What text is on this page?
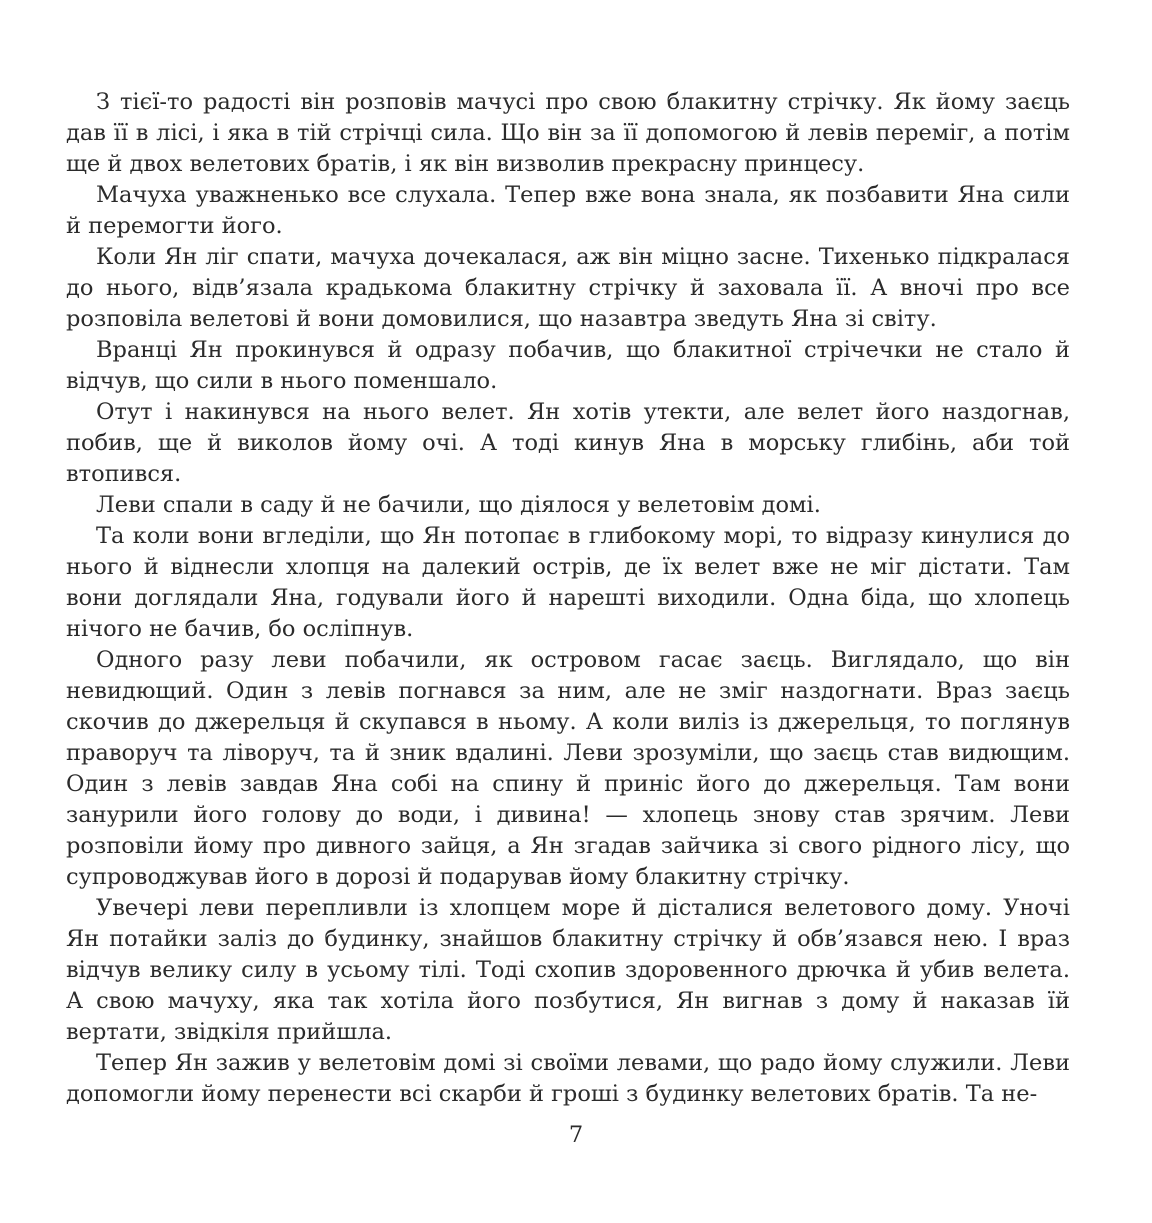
З тієї-то радості він розповів мачусі про свою блакитну стрічку. Як йому заєць дав її в лісі, і яка в тій стрічці сила. Що він за її допомогою й левів переміг, а потім ще й двох велетових братів, і як він визволив прекрасну принцесу.

Мачуха уважненько все слухала. Тепер вже вона знала, як позбавити Яна сили й перемогти його.

Коли Ян ліг спати, мачуха дочекалася, аж він міцно засне. Тихенько підкралася до нього, відв’язала крадькома блакитну стрічку й заховала її. А вночі про все розповіла велетові й вони домовилися, що назавтра зведуть Яна зі світу.

Вранці Ян прокинувся й одразу побачив, що блакитної стрічечки не стало й відчув, що сили в нього поменшало.

Отут і накинувся на нього велет. Ян хотів утекти, але велет його наздогнав, побив, ще й виколов йому очі. А тоді кинув Яна в морську глибінь, аби той втопився.

Леви спали в саду й не бачили, що діялося у велетовім домі.

Та коли вони вгледіли, що Ян потопає в глибокому морі, то відразу кинулися до нього й віднесли хлопця на далекий острів, де їх велет вже не міг дістати. Там вони доглядали Яна, годували його й нарешті виходили. Одна біда, що хлопець нічого не бачив, бо осліпнув.

Одного разу леви побачили, як островом гасає заєць. Виглядало, що він невидющий. Один з левів погнався за ним, але не зміг наздогнати. Враз заєць скочив до джерельця й скупався в ньому. А коли виліз із джерельця, то поглянув праворуч та ліворуч, та й зник вдалині. Леви зрозуміли, що заєць став видющим. Один з левів завдав Яна собі на спину й приніс його до джерельця. Там вони занурили його голову до води, і дивина! — хлопець знову став зрячим. Леви розповіли йому про дивного зайця, а Ян згадав зайчика зі свого рідного лісу, що супроводжував його в дорозі й подарував йому блакитну стрічку.

Увечері леви перепливли із хлопцем море й дісталися велетового дому. Уночі Ян потайки заліз до будинку, знайшов блакитну стрічку й обв’язався нею. І враз відчув велику силу в усьому тілі. Тоді схопив здоровенного дрючка й убив велета. А свою мачуху, яка так хотіла його позбутися, Ян вигнав з дому й наказав їй вертати, звідкіля прийшла.

Тепер Ян зажив у велетовім домі зі своїми левами, що радо йому служили. Леви допомогли йому перенести всі скарби й гроші з будинку велетових братів. Та не-

7
